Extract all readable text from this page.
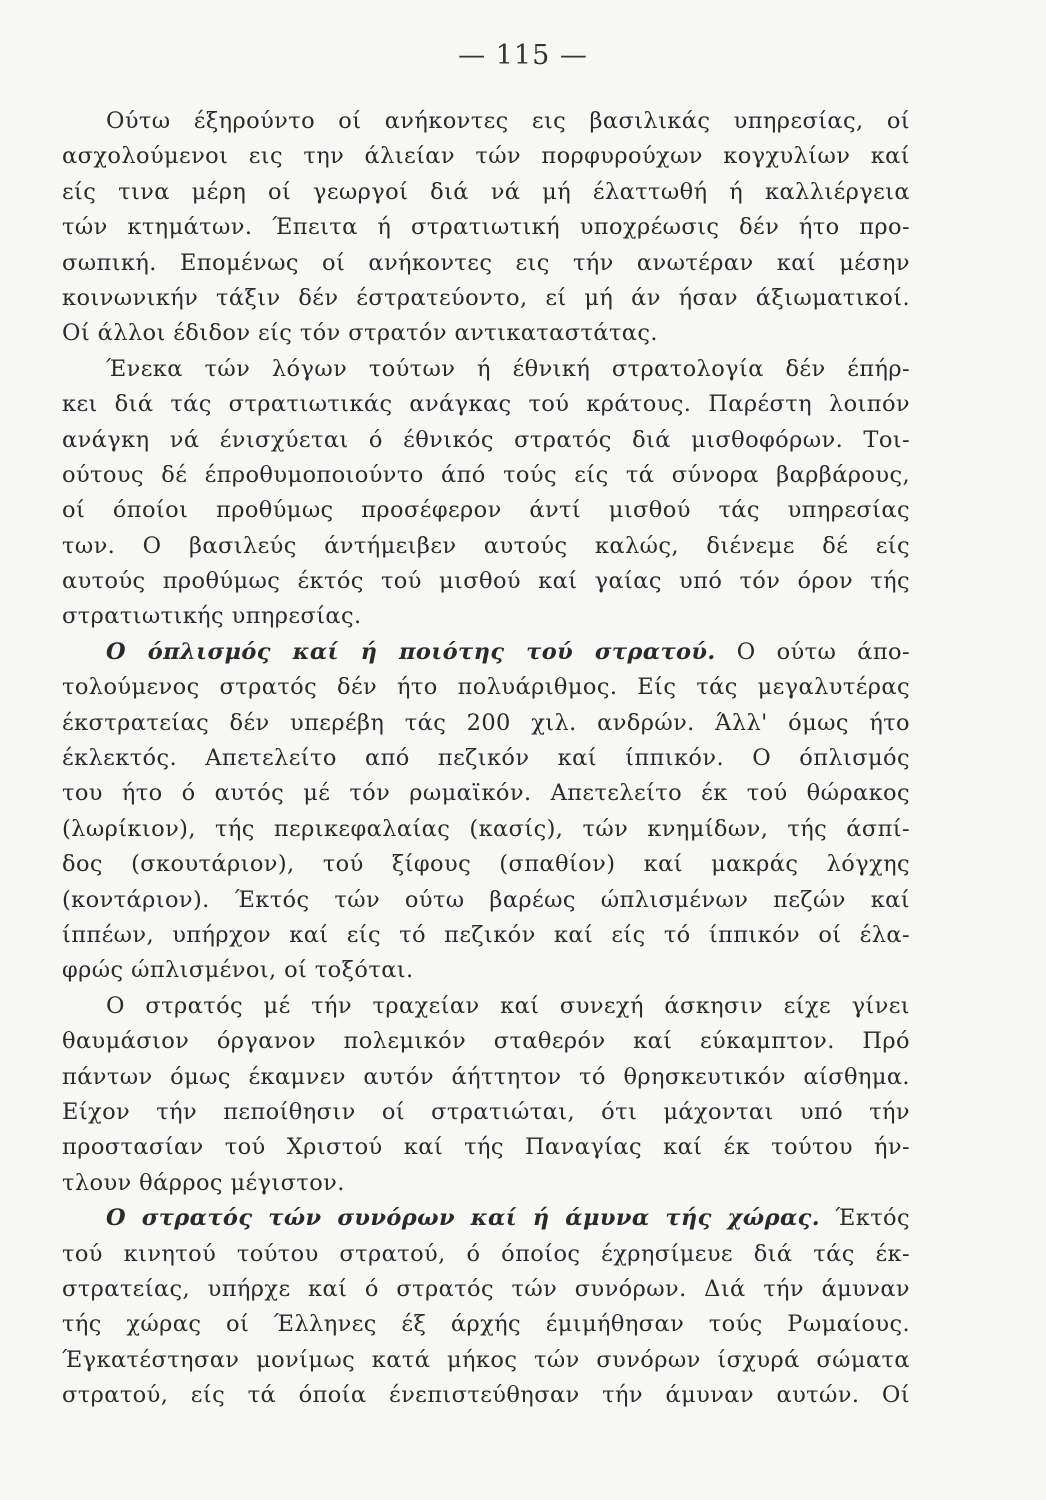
— 115 —
Ούτω έξηρούντο οί ανήκοντες εις βασιλικάς υπηρεσίας, οί
ασχολούμενοι εις την άλιείαν τών πορφυρούχων κογχυλίων καί
είς τινα μέρη οί γεωργοί διά νά μή έλαττωθή ή καλλιέργεια
τών κτημάτων. Έπειτα ή στρατιωτική υποχρέωσις δέν ήτο προ-
σωπική. Επομένως οί ανήκοντες εις τήν ανωτέραν καί μέσην
κοινωνικήν τάξιν δέν έστρατεύοντο, εί μή άν ήσαν άξιωματικοί.
Οί άλλοι έδιδον είς τόν στρατόν αντικαταστάτας.
Ένεκα τών λόγων τούτων ή έθνική στρατολογία δέν έπήρ-
κει διά τάς στρατιωτικάς ανάγκας τού κράτους. Παρέστη λοιπόν
ανάγκη νά ένισχύεται ό έθνικός στρατός διά μισθοφόρων. Τοι-
ούτους δέ έπροθυμοποιούντο άπό τούς είς τά σύνορα βαρβάρους,
οί όποίοι προθύμως προσέφερον άντί μισθού τάς υπηρεσίας
των. Ο βασιλεύς άντήμειβεν αυτούς καλώς, διένεμε δέ είς
αυτούς προθύμως έκτός τού μισθού καί γαίας υπό τόν όρον τής
στρατιωτικής υπηρεσίας.
Ο όπλισμός καί ή ποιότης τού στρατού. Ο ούτω άπο-
τολούμενος στρατός δέν ήτο πολυάριθμος. Είς τάς μεγαλυτέρας
έκστρατείας δέν υπερέβη τάς 200 χιλ. ανδρών. Άλλ' όμως ήτο
έκλεκτός. Απετελείτο από πεζικόν καί ίππικόν. Ο όπλισμός
του ήτο ό αυτός μέ τόν ρωμαϊκόν. Απετελείτο έκ τού θώρακος
(λωρίκιον), τής περικεφαλαίας (κασίς), τών κνημίδων, τής άσπί-
δος (σκουτάριον), τού ξίφους (σπαθίον) καί μακράς λόγχης
(κοντάριον). Έκτός τών ούτω βαρέως ώπλισμένων πεζών καί
ίππέων, υπήρχον καί είς τό πεζικόν καί είς τό ίππικόν οί έλα-
φρώς ώπλισμένοι, οί τοξόται.
Ο στρατός μέ τήν τραχείαν καί συνεχή άσκησιν είχε γίνει
θαυμάσιον όργανον πολεμικόν σταθερόν καί εύκαμπτον. Πρό
πάντων όμως έκαμνεν αυτόν άήττητον τό θρησκευτικόν αίσθημα.
Είχον τήν πεποίθησιν οί στρατιώται, ότι μάχονται υπό τήν
προστασίαν τού Χριστού καί τής Παναγίας καί έκ τούτου ήν-
τλουν θάρρος μέγιστον.
Ο στρατός τών συνόρων καί ή άμυνα τής χώρας. Έκτός
τού κινητού τούτου στρατού, ό όποίος έχρησίμευε διά τάς έκ-
στρατείας, υπήρχε καί ό στρατός τών συνόρων. Διά τήν άμυναν
τής χώρας οί Έλληνες έξ άρχής έμιμήθησαν τούς Ρωμαίους.
Έγκατέστησαν μονίμως κατά μήκος τών συνόρων ίσχυρά σώματα
στρατού, είς τά όποία ένεπιστεύθησαν τήν άμυναν αυτών. Οί
